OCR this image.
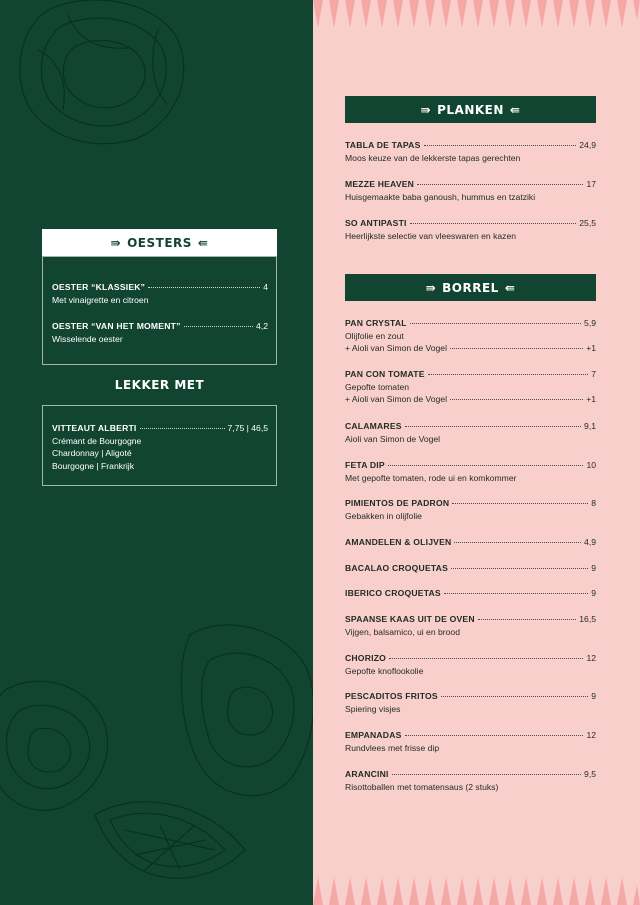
⇛ OESTERS ⇚
OESTER “KLASSIEK”	4
Met vinaigrette en citroen
OESTER “VAN HET MOMENT”	4,2
Wisselende oester
LEKKER MET
VITTEAUT ALBERTI	7,75 | 46,5
Crémant de Bourgogne
Chardonnay | Aligoté
Bourgogne | Frankrijk
⇛ PLANKEN ⇚
TABLA DE TAPAS	24,9
Moos keuze van de lekkerste tapas gerechten
MEZZE HEAVEN	17
Huisgemaakte baba ganoush, hummus en tzatziki
SO ANTIPASTI	25,5
Heerlijkste selectie van vleeswaren en kazen
⇛ BORREL ⇚
PAN CRYSTAL	5,9
Olijfolie en zout
+ Aioli van Simon de Vogel	+1
PAN CON TOMATE	7
Gepofte tomaten
+ Aioli van Simon de Vogel	+1
CALAMARES	9,1
Aioli van Simon de Vogel
FETA DIP	10
Met gepofte tomaten, rode ui en komkommer
PIMIENTOS DE PADRON	8
Gebakken in olijfolie
AMANDELEN & OLIJVEN	4,9
BACALAO CROQUETAS	9
IBERICO CROQUETAS	9
SPAANSE KAAS UIT DE OVEN	16,5
Vijgen, balsamico, ui en brood
CHORIZO	12
Gepofte knoflookolie
PESCADITOS FRITOS	9
Spiering visjes
EMPANADAS	12
Rundvlees met frisse dip
ARANCINI	9,5
Risottoballen met tomatensaus (2 stuks)
